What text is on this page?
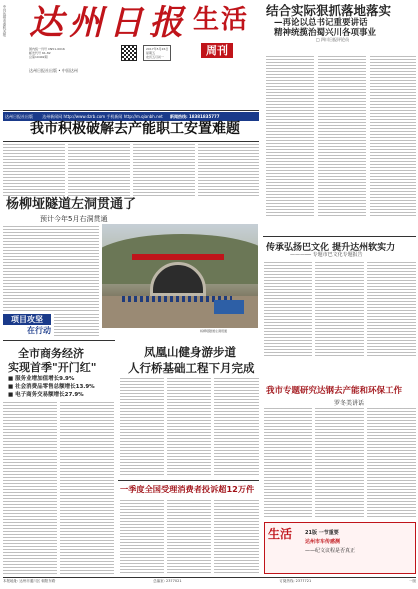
中共达州市委机关报 达州日报 生活
周刊
国内统一刊号 CN51-0016
邮发代号 61-82
总第10402期
2017年5月26日
星期五
农历五月初一
达州日报社出版 • 中国达州
达州日报社出版 达州新闻网 http://www.dzrb.com 手机新闻 http://m.qianbh.net 新闻热线: 18381835777
结合实际狠抓落地落实
—再论以总书记重要讲话
精神统揽治蜀兴川各项事业
□ 四川日报评论员
我市积极破解去产能职工安置难题
杨柳垭隧道左洞贯通了
预计今年5月右洞贯通
杨柳垭隧道左洞贯通
项目攻坚
在行动
全市商务经济
实现首季"开门红"
■ 服务业增加值增长9.9%
■ 社会消费品零售总额增长13.9%
■ 电子商务交易额增长27.9%
凤凰山健身游步道
人行桥基础工程下月完成
传承弘扬巴文化 提升达州软实力
———── 专题市巴文化专题报告
我市专题研究达钢去产能和环保工作
罗冬美讲话
一季度全国受理消费者投诉超12万件
生活	21版 一节重要
达州市车传感测
——纪文议程是否真正
本报地址: 达州市通川区 朝阳东路	总编室: 2377021	订阅热线: 2377721	一版
